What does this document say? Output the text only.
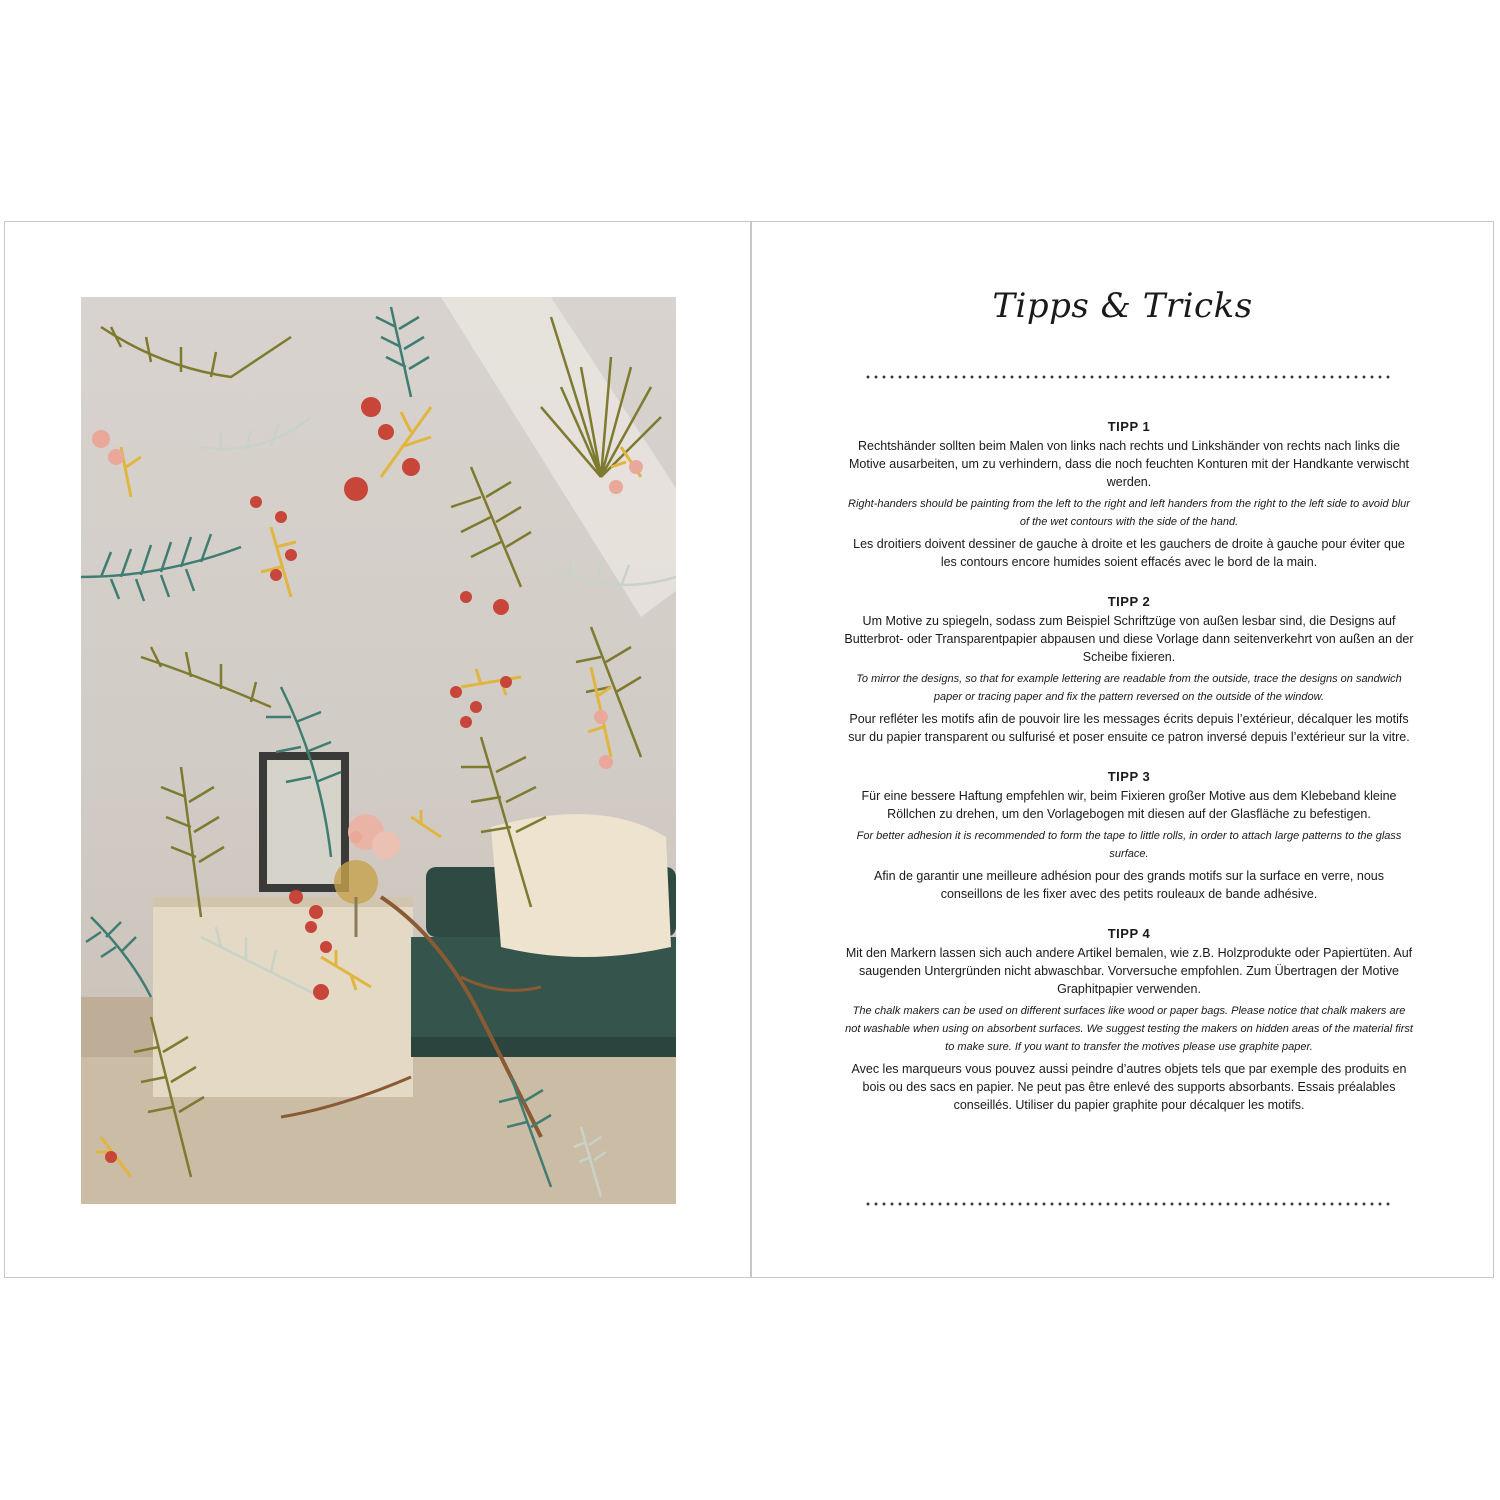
Tipps & Tricks
TIPP 1

Rechtshänder sollten beim Malen von links nach rechts und Linkshänder von rechts nach links die Motive ausarbeiten, um zu verhindern, dass die noch feuchten Konturen mit der Handkante verwischt werden.

Right-handers should be painting from the left to the right and left handers from the right to the left side to avoid blur of the wet contours with the side of the hand.

Les droitiers doivent dessiner de gauche à droite et les gauchers de droite à gauche pour éviter que les contours encore humides soient effacés avec le bord de la main.

TIPP 2

Um Motive zu spiegeln, sodass zum Beispiel Schriftzüge von außen lesbar sind, die Designs auf Butterbrot- oder Transparentpapier abpausen und diese Vorlage dann seitenverkehrt von außen an der Scheibe fixieren.

To mirror the designs, so that for example lettering are readable from the outside, trace the designs on sandwich paper or tracing paper and fix the pattern reversed on the outside of the window.

Pour refléter les motifs afin de pouvoir lire les messages écrits depuis l’extérieur, décalquer les motifs sur du papier transparent ou sulfurisé et poser ensuite ce patron inversé depuis l’extérieur sur la vitre.

TIPP 3

Für eine bessere Haftung empfehlen wir, beim Fixieren großer Motive aus dem Klebeband kleine Röllchen zu drehen, um den Vorlagebogen mit diesen auf der Glasfläche zu befestigen.

For better adhesion it is recommended to form the tape to little rolls, in order to attach large patterns to the glass surface.

Afin de garantir une meilleure adhésion pour des grands motifs sur la surface en verre, nous conseillons de les fixer avec des petits rouleaux de bande adhésive.

TIPP 4

Mit den Markern lassen sich auch andere Artikel bemalen, wie z.B. Holzprodukte oder Papiertüten. Auf saugenden Untergründen nicht abwaschbar. Vorversuche empfohlen. Zum Übertragen der Motive Graphitpapier verwenden.

The chalk makers can be used on different surfaces like wood or paper bags. Please notice that chalk makers are not washable when using on absorbent surfaces. We suggest testing the makers on hidden areas of the material first to make sure. If you want to transfer the motives please use graphite paper.

Avec les marqueurs vous pouvez aussi peindre d’autres objets tels que par exemple des produits en bois ou des sacs en papier. Ne peut pas être enlevé des supports absorbants. Essais préalables conseillés. Utiliser du papier graphite pour décalquer les motifs.
